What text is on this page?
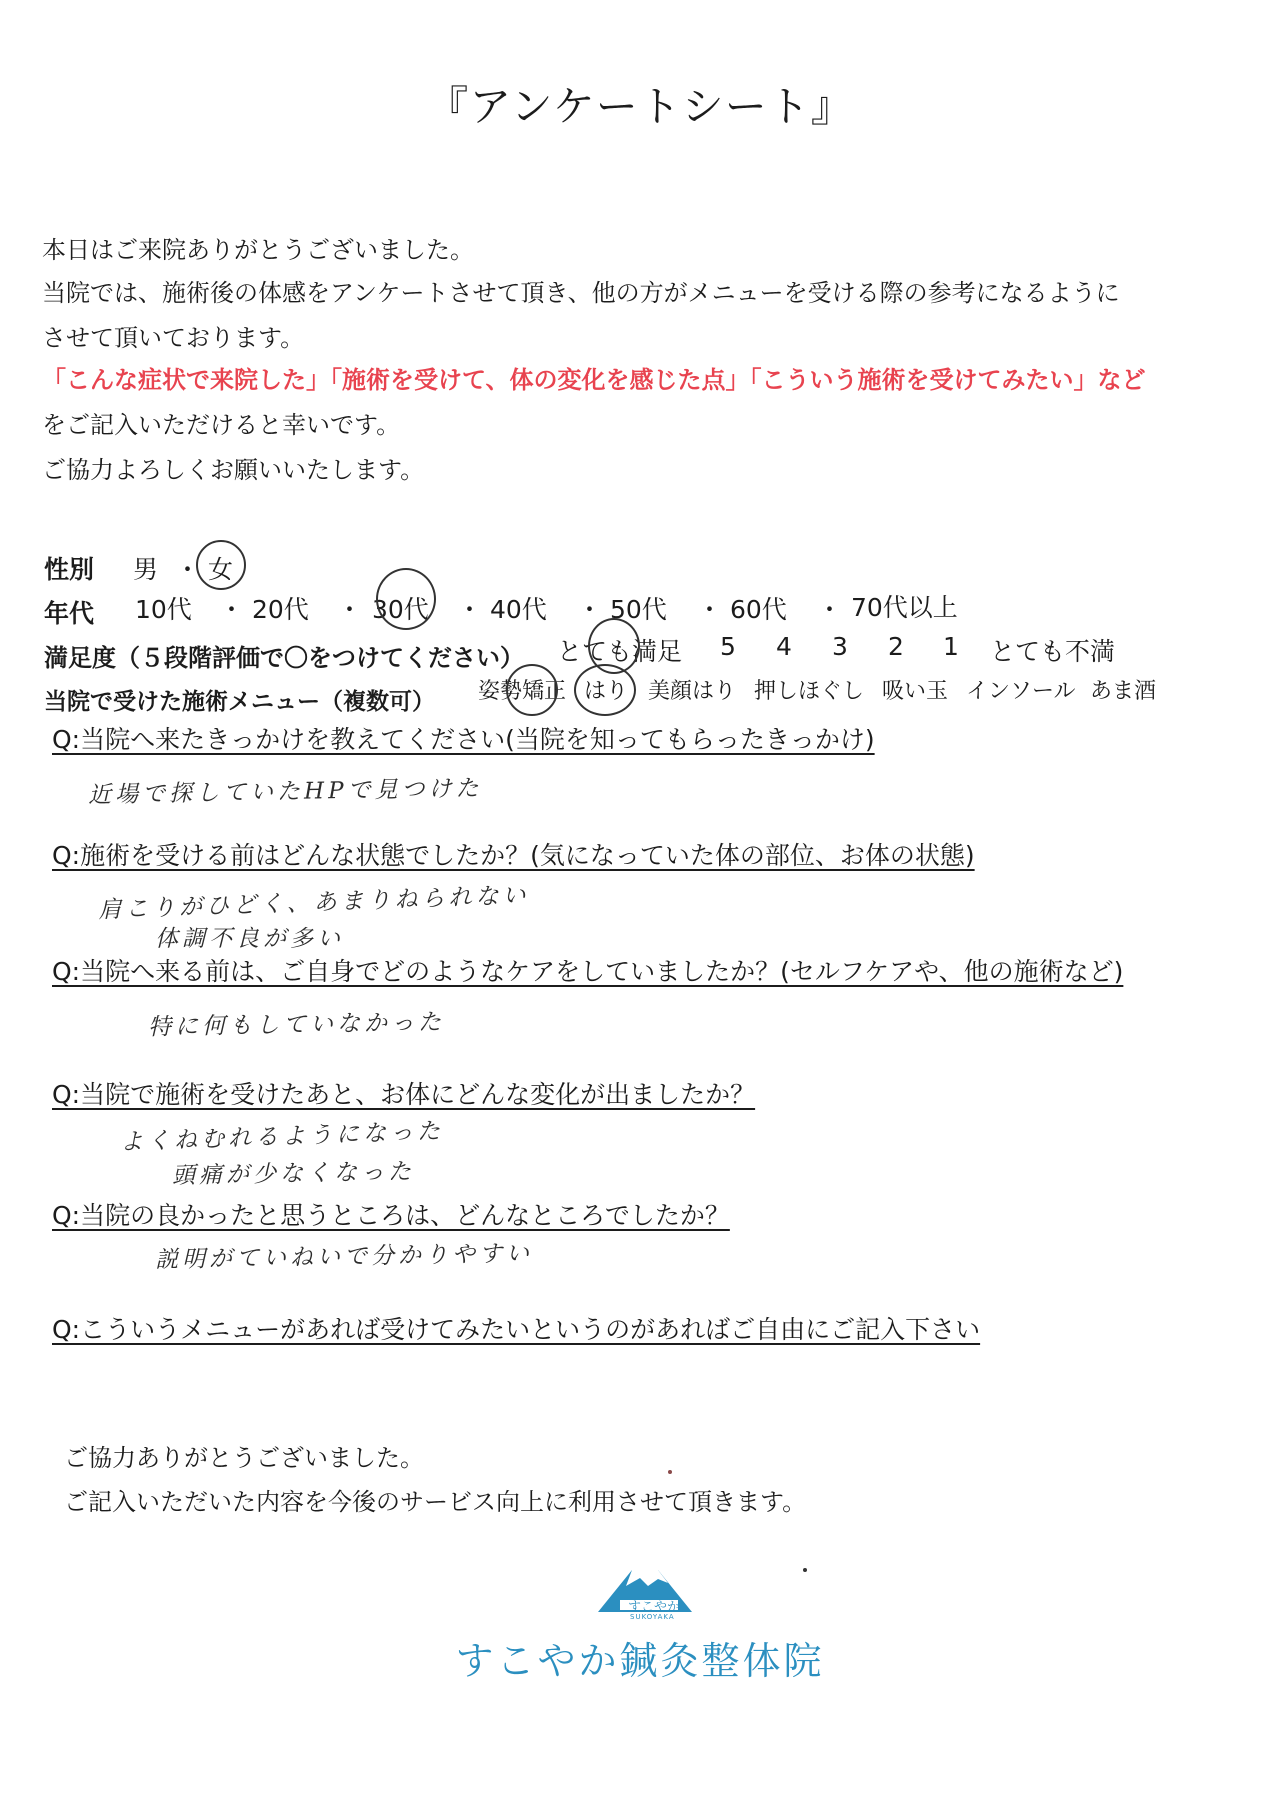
『アンケートシート』
本日はご来院ありがとうございました。
当院では、施術後の体感をアンケートさせて頂き、他の方がメニューを受ける際の参考になるように
させて頂いております。
「こんな症状で来院した」「施術を受けて、体の変化を感じた点」「こういう施術を受けてみたい」など
をご記入いただけると幸いです。
ご協力よろしくお願いいたします。
性別 男 ・ 女
年代 10代 ・ 20代 ・ 30代 ・ 40代 ・ 50代 ・ 60代 ・ 70代以上
満足度（５段階評価で〇をつけてください） とても満足 5 4 3 2 1 とても不満
当院で受けた施術メニュー（複数可） 姿勢矯正 はり 美顔はり 押しほぐし 吸い玉 インソール あま酒
Q:当院へ来たきっかけを教えてください(当院を知ってもらったきっかけ)
近場で探していたHPで見つけた
Q:施術を受ける前はどんな状態でしたか？(気になっていた体の部位、お体の状態)
肩こりがひどく、あまりねられない
体調不良が多い
Q:当院へ来る前は、ご自身でどのようなケアをしていましたか？(セルフケアや、他の施術など)
特に何もしていなかった
Q:当院で施術を受けたあと、お体にどんな変化が出ましたか？
よくねむれるようになった
頭痛が少なくなった
Q:当院の良かったと思うところは、どんなところでしたか？
説明がていねいで分かりやすい
Q:こういうメニューがあれば受けてみたいというのがあればご自由にご記入下さい
ご協力ありがとうございました。
ご記入いただいた内容を今後のサービス向上に利用させて頂きます。
すこやか
SUKOYAKA
すこやか鍼灸整体院
